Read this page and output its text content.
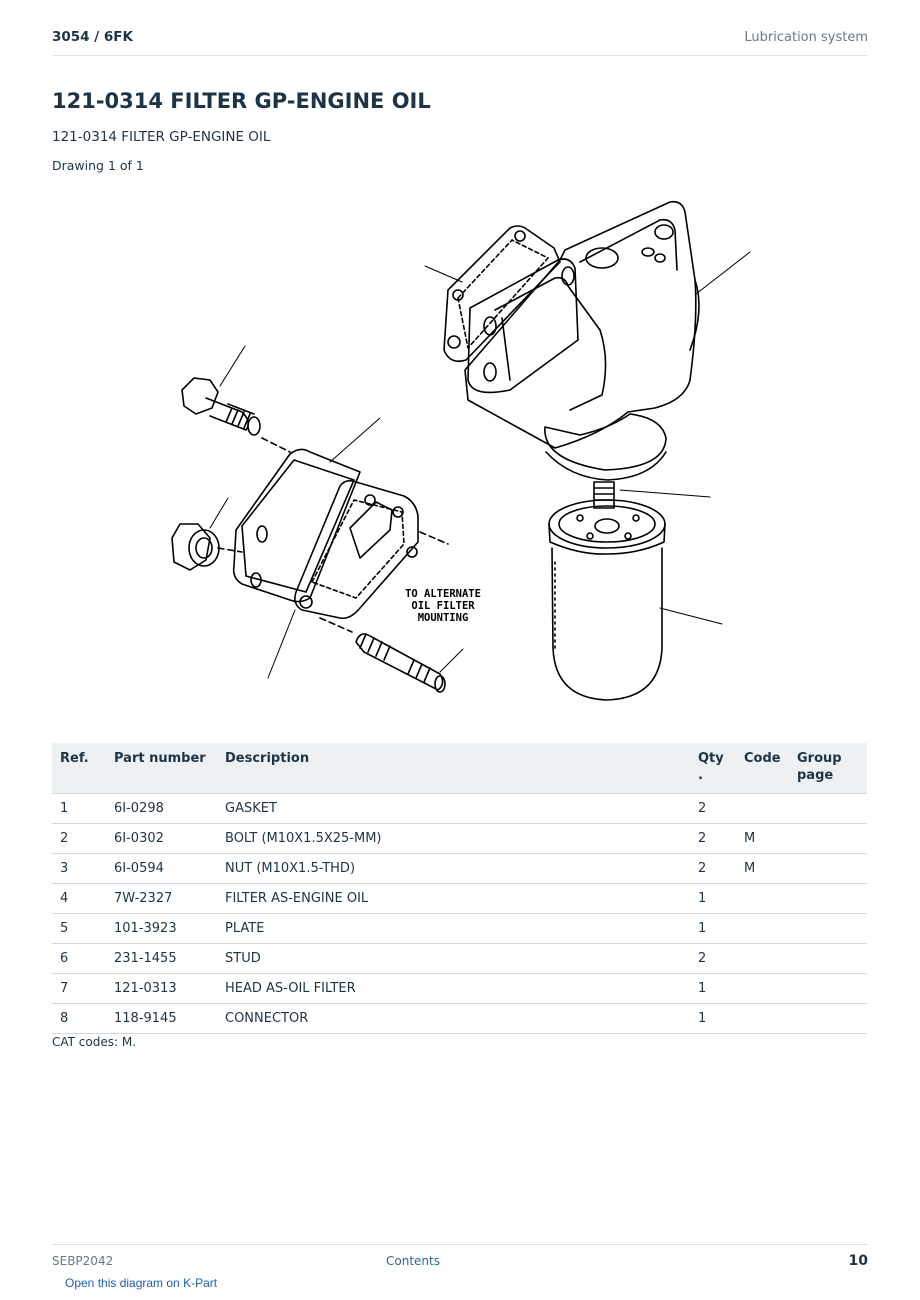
3054 / 6FK	Lubrication system
121-0314 FILTER GP-ENGINE OIL
121-0314 FILTER GP-ENGINE OIL
Drawing 1 of 1
TO ALTERNATE
OIL FILTER
MOUNTING
Ref.	Part number	Description	Qty .	Code	Group page
1	6I-0298	GASKET	2		
2	6I-0302	BOLT (M10X1.5X25-MM)	2	M	
3	6I-0594	NUT (M10X1.5-THD)	2	M	
4	7W-2327	FILTER AS-ENGINE OIL	1		
5	101-3923	PLATE	1		
6	231-1455	STUD	2		
7	121-0313	HEAD AS-OIL FILTER	1		
8	118-9145	CONNECTOR	1		
CAT codes: M.
SEBP2042	Contents	10
Open this diagram on K-Part
